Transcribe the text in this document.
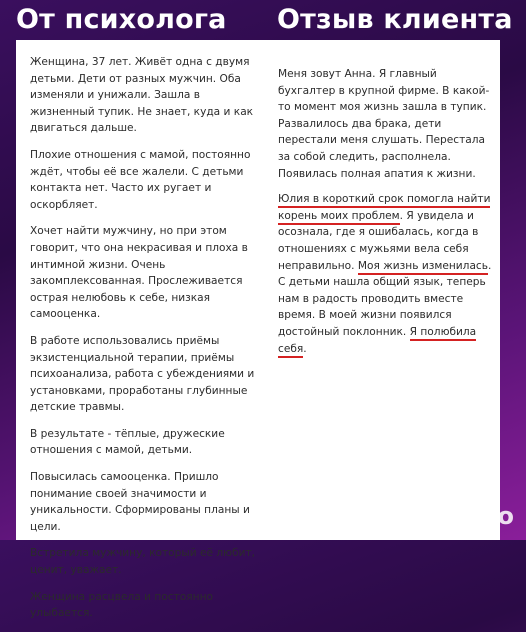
От психолога Отзыв клиента

Женщина, 37 лет. Живёт одна с двумя детьми. Дети от разных мужчин. Оба изменяли и унижали. Зашла в жизненный тупик. Не знает, куда и как двигаться дальше.

Плохие отношения с мамой, постоянно ждёт, чтобы её все жалели. С детьми контакта нет. Часто их ругает и оскорбляет.

Хочет найти мужчину, но при этом говорит, что она некрасивая и плоха в интимной жизни. Очень закомплексованная. Прослеживается острая нелюбовь к себе, низкая самооценка.

В работе использовались приёмы экзистенциальной терапии, приёмы психоанализа, работа с убеждениями и установками, проработаны глубинные детские травмы.

В результате - тёплые, дружеские отношения с мамой, детьми.

Повысилась самооценка. Пришло понимание своей значимости и уникальности. Сформированы планы и цели.

Встретила мужчину, который её любит, ценит, уважает.

Женщина расцвела и постоянно улыбается.

Меня зовут Анна. Я главный бухгалтер в крупной фирме. В какой-то момент моя жизнь зашла в тупик. Развалилось два брака, дети перестали меня слушать. Перестала за собой следить, располнела. Появилась полная апатия к жизни.

Юлия в короткий срок помогла найти корень моих проблем. Я увидела и осознала, где я ошибалась, когда в отношениях с мужьями вела себя неправильно. Моя жизнь изменилась. С детьми нашла общий язык, теперь нам в радость проводить вместе время. В моей жизни появился достойный поклонник. Я полюбила себя.

Avito
